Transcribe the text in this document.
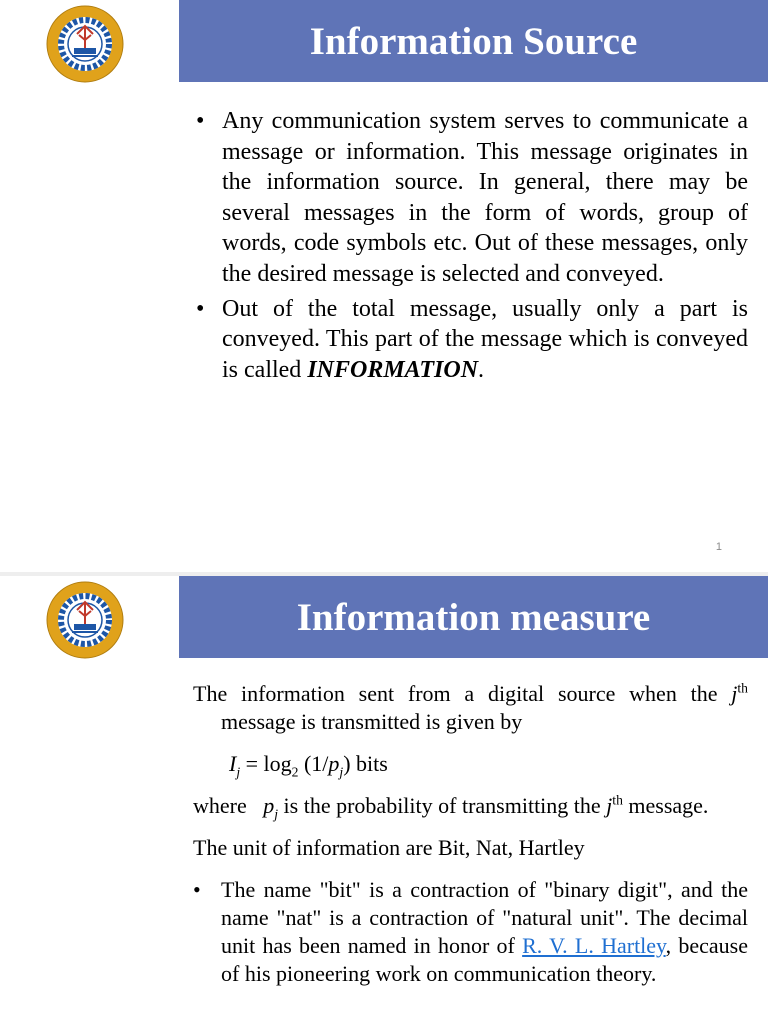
Information Source
• Any communication system serves to communicate a message or information. This message originates in the information source. In general, there may be several messages in the form of words, group of words, code symbols etc. Out of these messages, only the desired message is selected and conveyed.
• Out of the total message, usually only a part is conveyed. This part of the message which is conveyed is called INFORMATION.
1
Information measure

The information sent from a digital source when the $j^{th}$ message is transmitted is given by

$I_j = \log_2 (1/p_j)$ bits

where   $p_j$ is the probability of transmitting the $j^{th}$ message.

The unit of information are Bit, Nat, Hartley

• The name "bit" is a contraction of "binary digit", and the name "nat" is a contraction of "natural unit". The decimal unit has been named in honor of R. V. L. Hartley, because of his pioneering work on communication theory.
